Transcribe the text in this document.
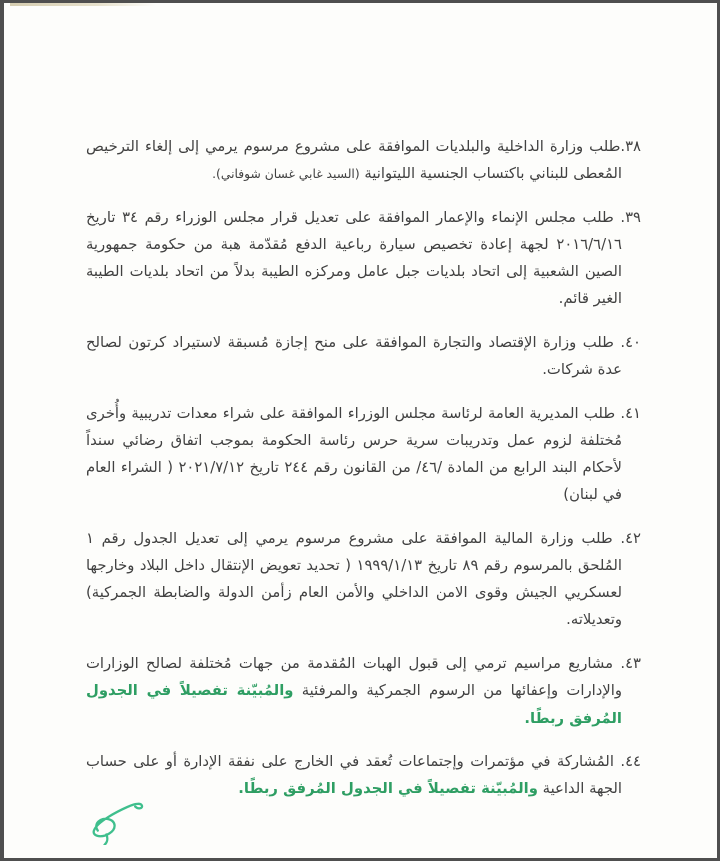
٣٨.طلب وزارة الداخلية والبلديات الموافقة على مشروع مرسوم يرمي إلى إلغاء الترخيص المُعطى للبناني باكتساب الجنسية الليتوانية (السيد غابي غسان شوفاني).

٣٩. طلب مجلس الإنماء والإعمار الموافقة على تعديل قرار مجلس الوزراء رقم ٣٤ تاريخ ٢٠١٦/٦/١٦ لجهة إعادة تخصيص سيارة رباعية الدفع مُقدّمة هبة من حكومة جمهورية الصين الشعبية إلى اتحاد بلديات جبل عامل ومركزه الطيبة بدلاً من اتحاد بلديات الطيبة الغير قائم.

٤٠. طلب وزارة الإقتصاد والتجارة الموافقة على منح إجازة مُسبقة لاستيراد كرتون لصالح عدة شركات.

٤١. طلب المديرية العامة لرئاسة مجلس الوزراء الموافقة على شراء معدات تدريبية وأُخرى مُختلفة لزوم عمل وتدريبات سرية حرس رئاسة الحكومة بموجب اتفاق رضائي سنداً لأحكام البند الرابع من المادة /٤٦/ من القانون رقم ٢٤٤ تاريخ ٢٠٢١/٧/١٢ ( الشراء العام في لبنان)

٤٢. طلب وزارة المالية الموافقة على مشروع مرسوم يرمي إلى تعديل الجدول رقم ١ المُلحق بالمرسوم رقم ٨٩ تاريخ ١٩٩٩/١/١٣ ( تحديد تعويض الإنتقال داخل البلاد وخارجها لعسكريي الجيش وقوى الامن الداخلي والأمن العام زأمن الدولة والضابطة الجمركية) وتعديلاته.

٤٣. مشاريع مراسيم ترمي إلى قبول الهبات المُقدمة من جهات مُختلفة لصالح الوزارات والإدارات وإعفائها من الرسوم الجمركية والمرفئية والمُبيّنة تفصيلاً في الجدول المُرفق ربطًا.

٤٤. المُشاركة في مؤتمرات وإجتماعات تُعقد في الخارج على نفقة الإدارة أو على حساب الجهة الداعية والمُبيّنة تفصيلاً في الجدول المُرفق ربطًا.
